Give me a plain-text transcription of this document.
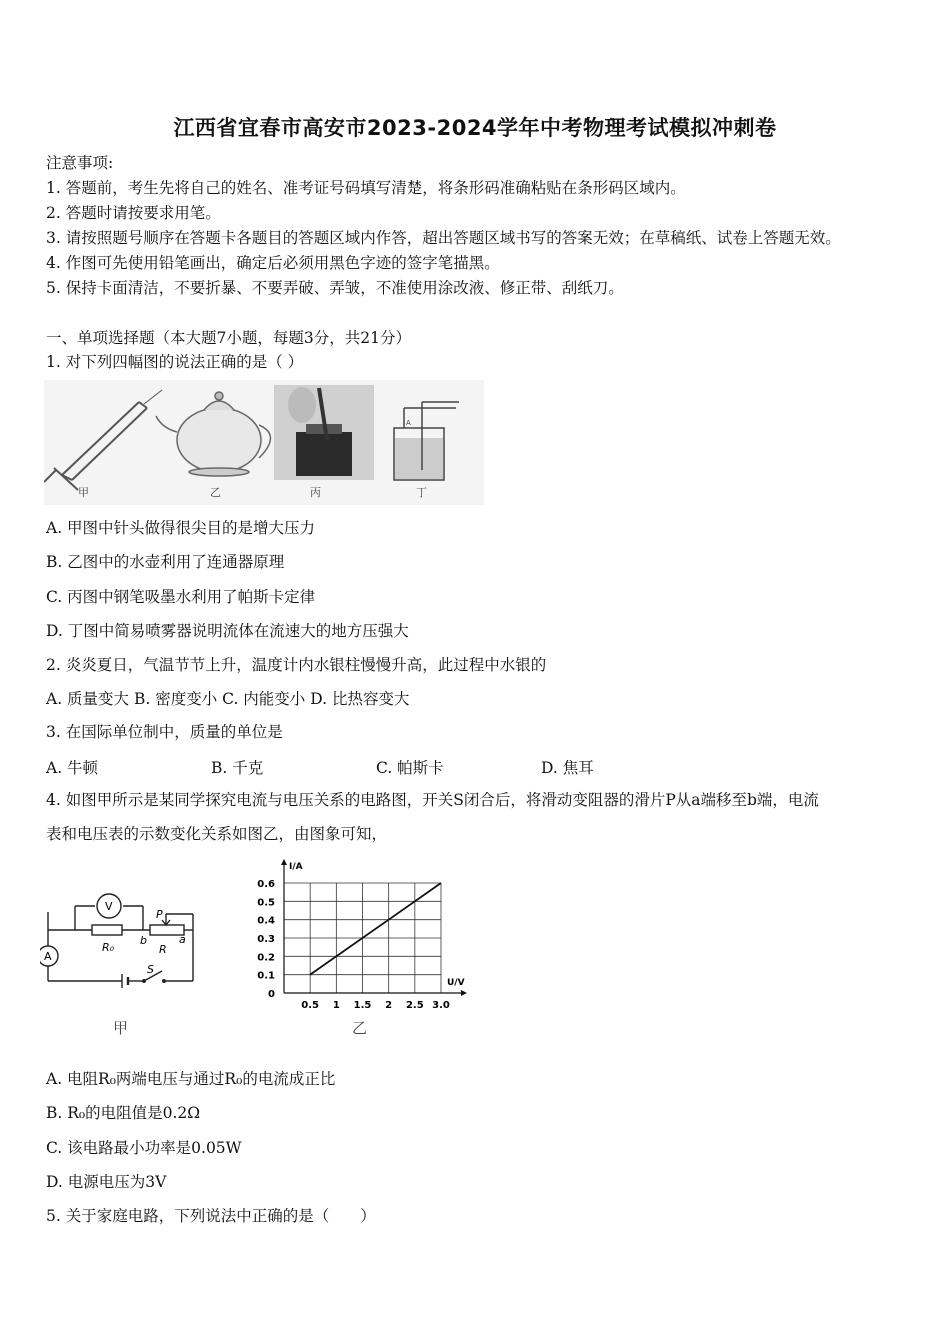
江西省宜春市高安市2023-2024学年中考物理考试模拟冲刺卷
注意事项:
1. 答题前，考生先将自己的姓名、准考证号码填写清楚，将条形码准确粘贴在条形码区域内。
2. 答题时请按要求用笔。
3. 请按照题号顺序在答题卡各题目的答题区域内作答，超出答题区域书写的答案无效；在草稿纸、试卷上答题无效。
4. 作图可先使用铅笔画出，确定后必须用黑色字迹的签字笔描黑。
5. 保持卡面清洁，不要折暴、不要弄破、弄皱，不准使用涂改液、修正带、刮纸刀。
一、单项选择题（本大题7小题，每题3分，共21分）
1. 对下列四幅图的说法正确的是（ ）
A
甲	乙	丙	丁
A. 甲图中针头做得很尖目的是增大压力
B. 乙图中的水壶利用了连通器原理
C. 丙图中钢笔吸墨水利用了帕斯卡定律
D. 丁图中简易喷雾器说明流体在流速大的地方压强大
2. 炎炎夏日，气温节节上升，温度计内水银柱慢慢升高，此过程中水银的
A. 质量变大 B. 密度变小 C. 内能变小 D. 比热容变大
3. 在国际单位制中，质量的单位是
A. 牛顿	B. 千克	C. 帕斯卡	D. 焦耳
4. 如图甲所示是某同学探究电流与电压关系的电路图，开关S闭合后，将滑动变阻器的滑片P从a端移至b端，电流
表和电压表的示数变化关系如图乙，由图象可知，
A
V
R₀
P
b	a
R
S
甲
0.5 1 1.5 2 2.5 3.0
0
0.1
0.2
0.3
0.4
0.5
0.6
U/V
I/A
乙
A. 电阻R₀两端电压与通过R₀的电流成正比
B. R₀的电阻值是0.2Ω
C. 该电路最小功率是0.05W
D. 电源电压为3V
5. 关于家庭电路，下列说法中正确的是（　　）
